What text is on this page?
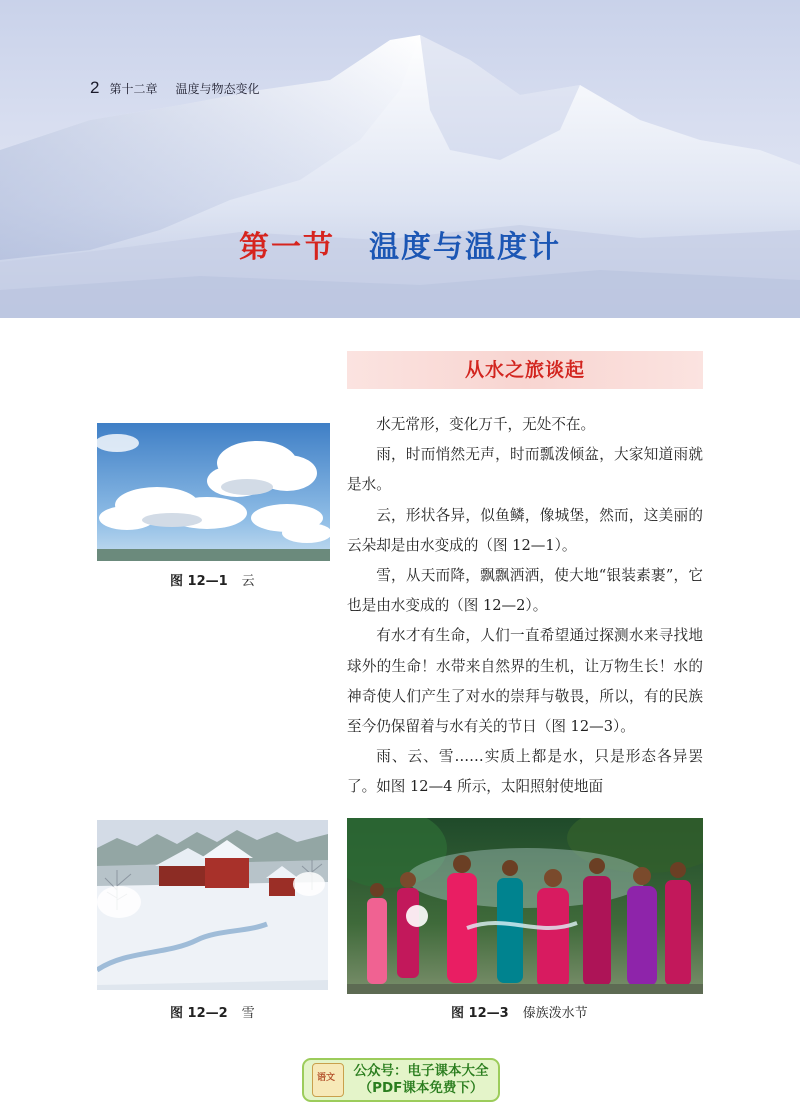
2 第十二章 温度与物态变化
第一节 温度与温度计
从水之旅谈起
图 12—1 云

水无常形，变化万千，无处不在。

雨，时而悄然无声，时而瓢泼倾盆，大家知道雨就是水。

云，形状各异，似鱼鳞，像城堡，然而，这美丽的云朵却是由水变成的（图 12—1）。

雪，从天而降，飘飘洒洒，使大地“银装素裹”，它也是由水变成的（图 12—2）。

有水才有生命，人们一直希望通过探测水来寻找地球外的生命！水带来自然界的生机，让万物生长！水的神奇使人们产生了对水的崇拜与敬畏，所以，有的民族至今仍保留着与水有关的节日（图 12—3）。

雨、云、雪……实质上都是水，只是形态各异罢了。如图 12—4 所示，太阳照射使地面

图 12—2 雪	图 12—3 傣族泼水节
语文	公众号：电子课本大全
（PDF课本免费下）
